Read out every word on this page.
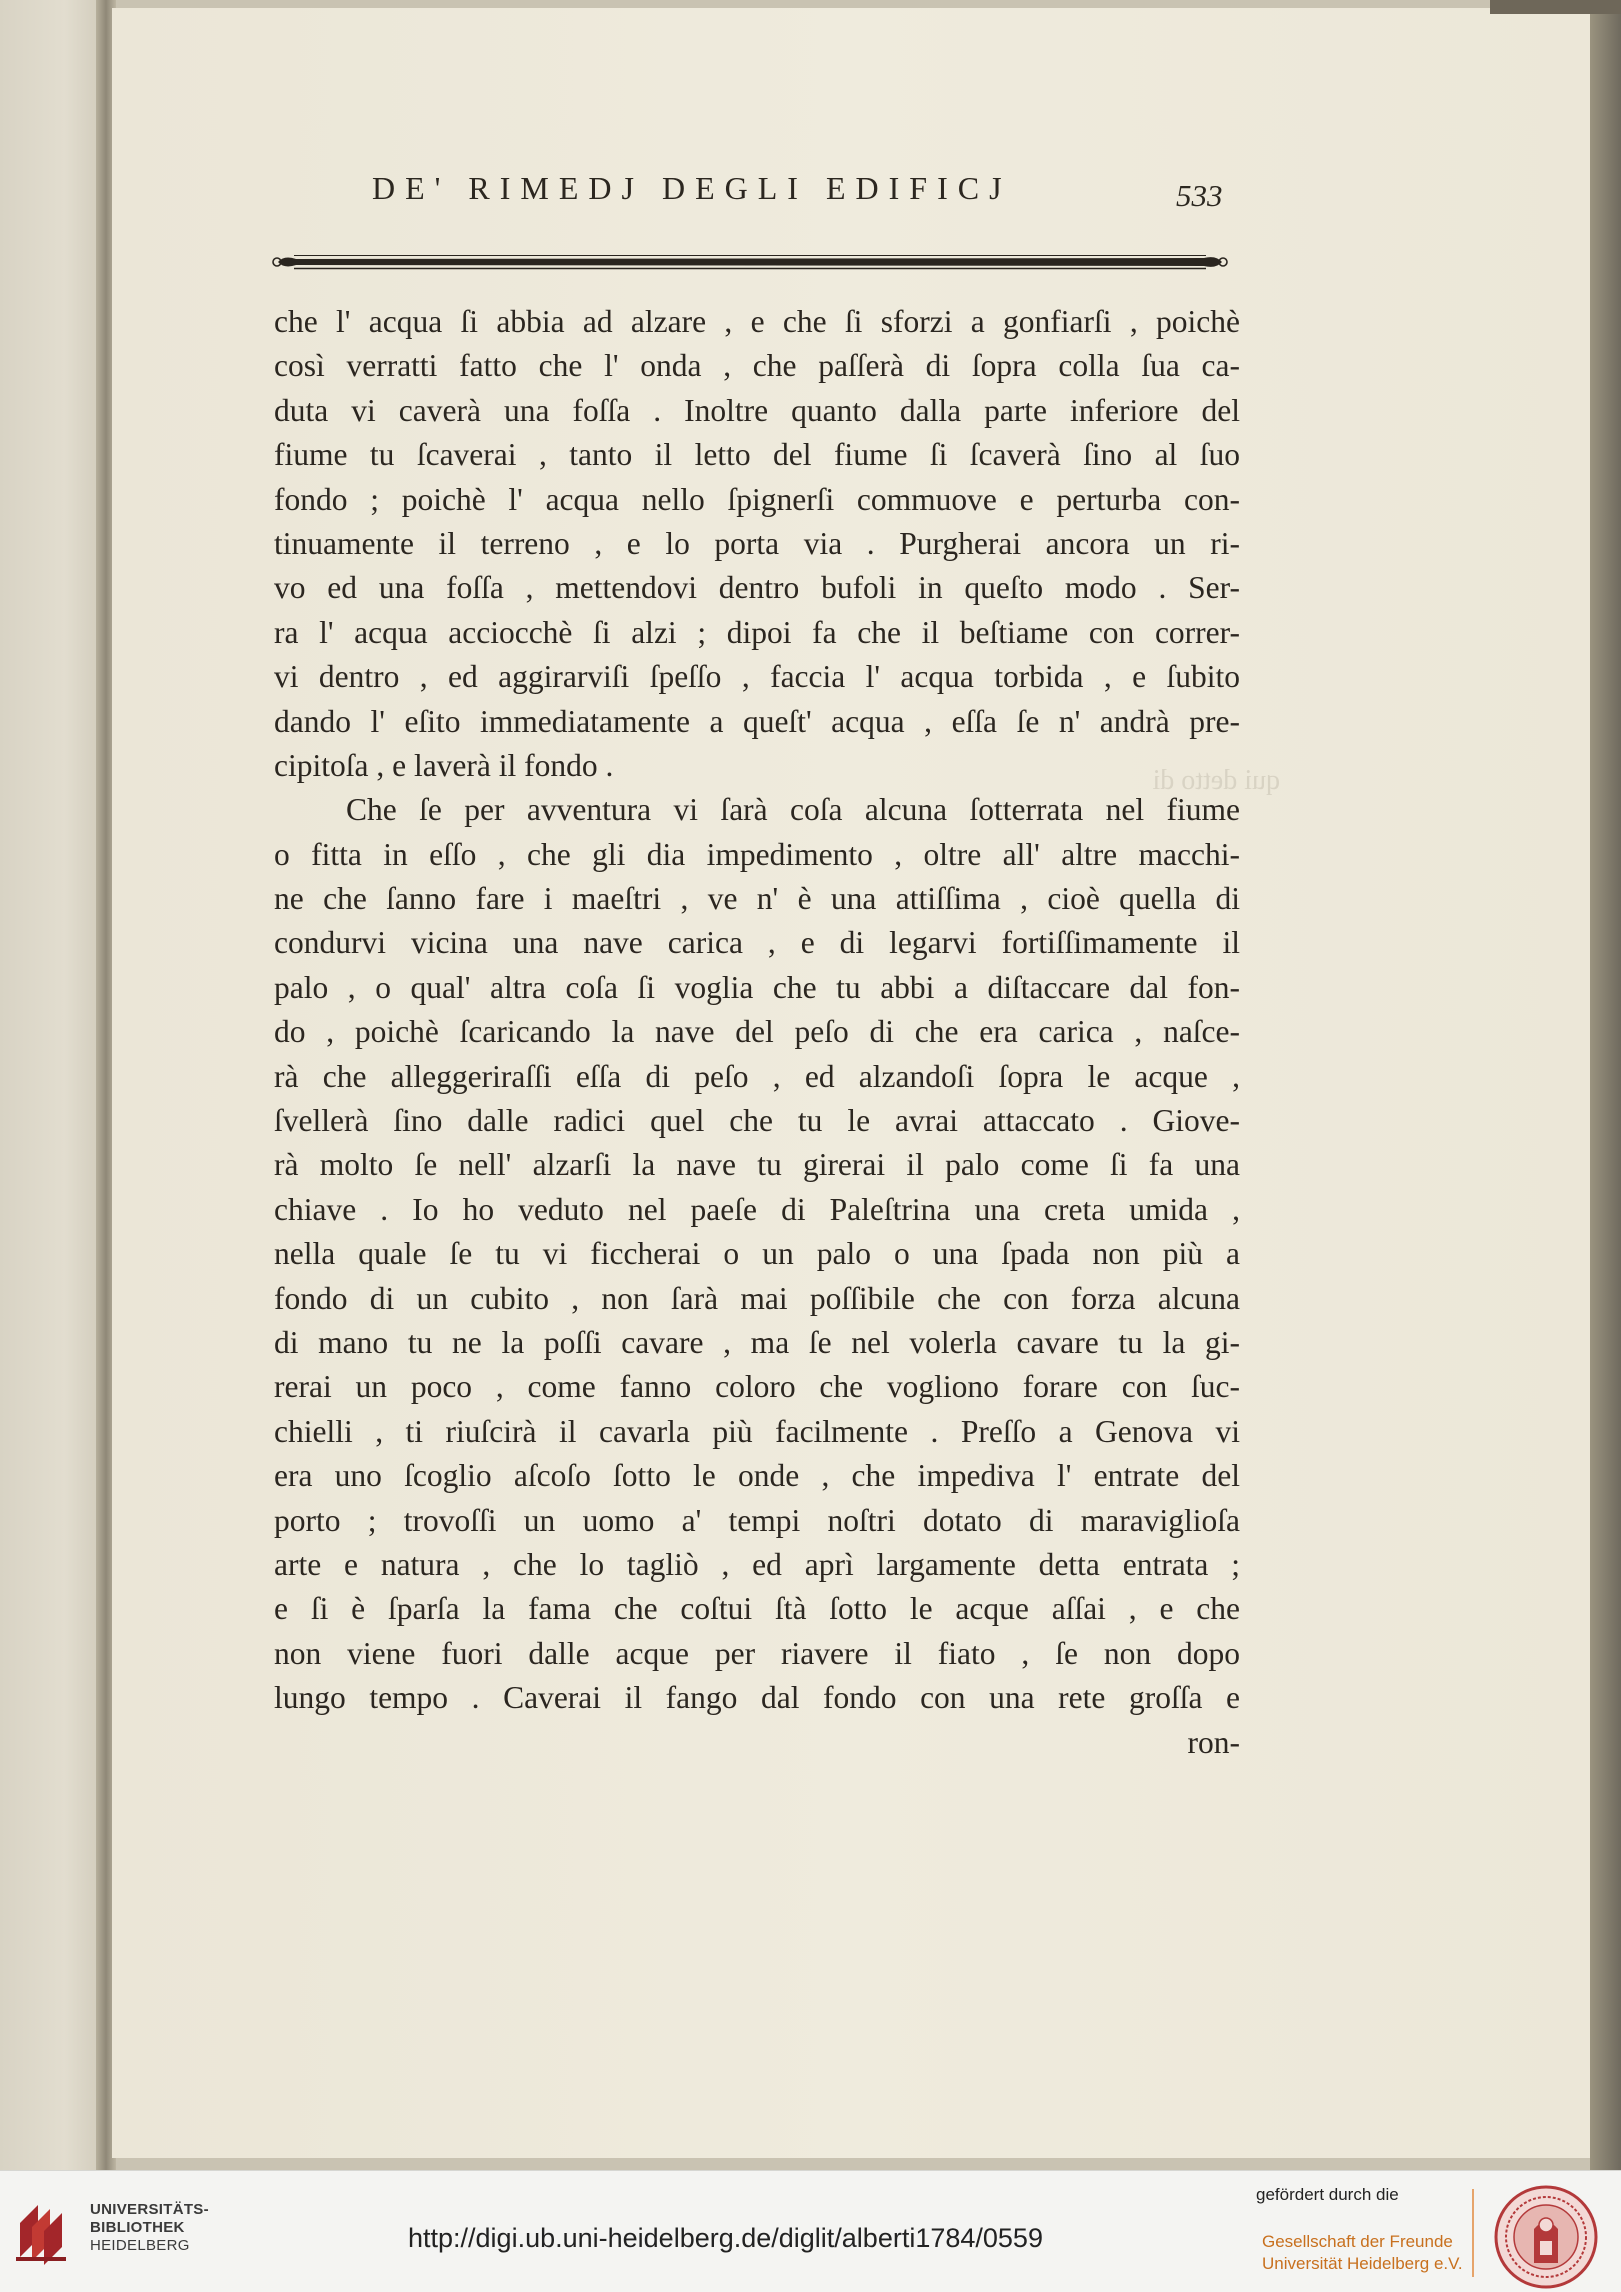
DE' RIMEDJ DEGLI EDIFICJ	533
qui detto di
che l' acqua ſi abbia ad alzare , e che ſi sforzi a gonfiarſi , poichè
così verratti fatto che l' onda , che paſſerà di ſopra colla ſua ca-
duta vi caverà una foſſa . Inoltre quanto dalla parte inferiore del
fiume tu ſcaverai , tanto il letto del fiume ſi ſcaverà ſino al ſuo
fondo ; poichè l' acqua nello ſpignerſi commuove e perturba con-
tinuamente il terreno , e lo porta via . Purgherai ancora un ri-
vo ed una foſſa , mettendovi dentro bufoli in queſto modo . Ser-
ra l' acqua acciocchè ſi alzi ; dipoi fa che il beſtiame con correr-
vi dentro , ed aggirarviſi ſpeſſo , faccia l' acqua torbida , e ſubito
dando l' eſito immediatamente a queſt' acqua , eſſa ſe n' andrà pre-
cipitoſa , e laverà il fondo .
Che ſe per avventura vi ſarà coſa alcuna ſotterrata nel fiume
o fitta in eſſo , che gli dia impedimento , oltre all' altre macchi-
ne che ſanno fare i maeſtri , ve n' è una attiſſima , cioè quella di
condurvi vicina una nave carica , e di legarvi fortiſſimamente il
palo , o qual' altra coſa ſi voglia che tu abbi a diſtaccare dal fon-
do , poichè ſcaricando la nave del peſo di che era carica , naſce-
rà che alleggeriraſſi eſſa di peſo , ed alzandoſi ſopra le acque ,
ſvellerà ſino dalle radici quel che tu le avrai attaccato . Giove-
rà molto ſe nell' alzarſi la nave tu girerai il palo come ſi fa una
chiave . Io ho veduto nel paeſe di Paleſtrina una creta umida ,
nella quale ſe tu vi ficcherai o un palo o una ſpada non più a
fondo di un cubito , non ſarà mai poſſibile che con forza alcuna
di mano tu ne la poſſi cavare , ma ſe nel volerla cavare tu la gi-
rerai un poco , come fanno coloro che vogliono forare con ſuc-
chielli , ti riuſcirà il cavarla più facilmente . Preſſo a Genova vi
era uno ſcoglio aſcoſo ſotto le onde , che impediva l' entrate del
porto ; trovoſſi un uomo a' tempi noſtri dotato di maraviglioſa
arte e natura , che lo tagliò , ed aprì largamente detta entrata ;
e ſi è ſparſa la fama che coſtui ſtà ſotto le acque aſſai , e che
non viene fuori dalle acque per riavere il fiato , ſe non dopo
lungo tempo . Caverai il fango dal fondo con una rete groſſa e
ron-
UNIVERSITÄTS-
BIBLIOTHEK
HEIDELBERG	http://digi.ub.uni-heidelberg.de/diglit/alberti1784/0559
gefördert durch die
Gesellschaft der Freunde
Universität Heidelberg e.V.
